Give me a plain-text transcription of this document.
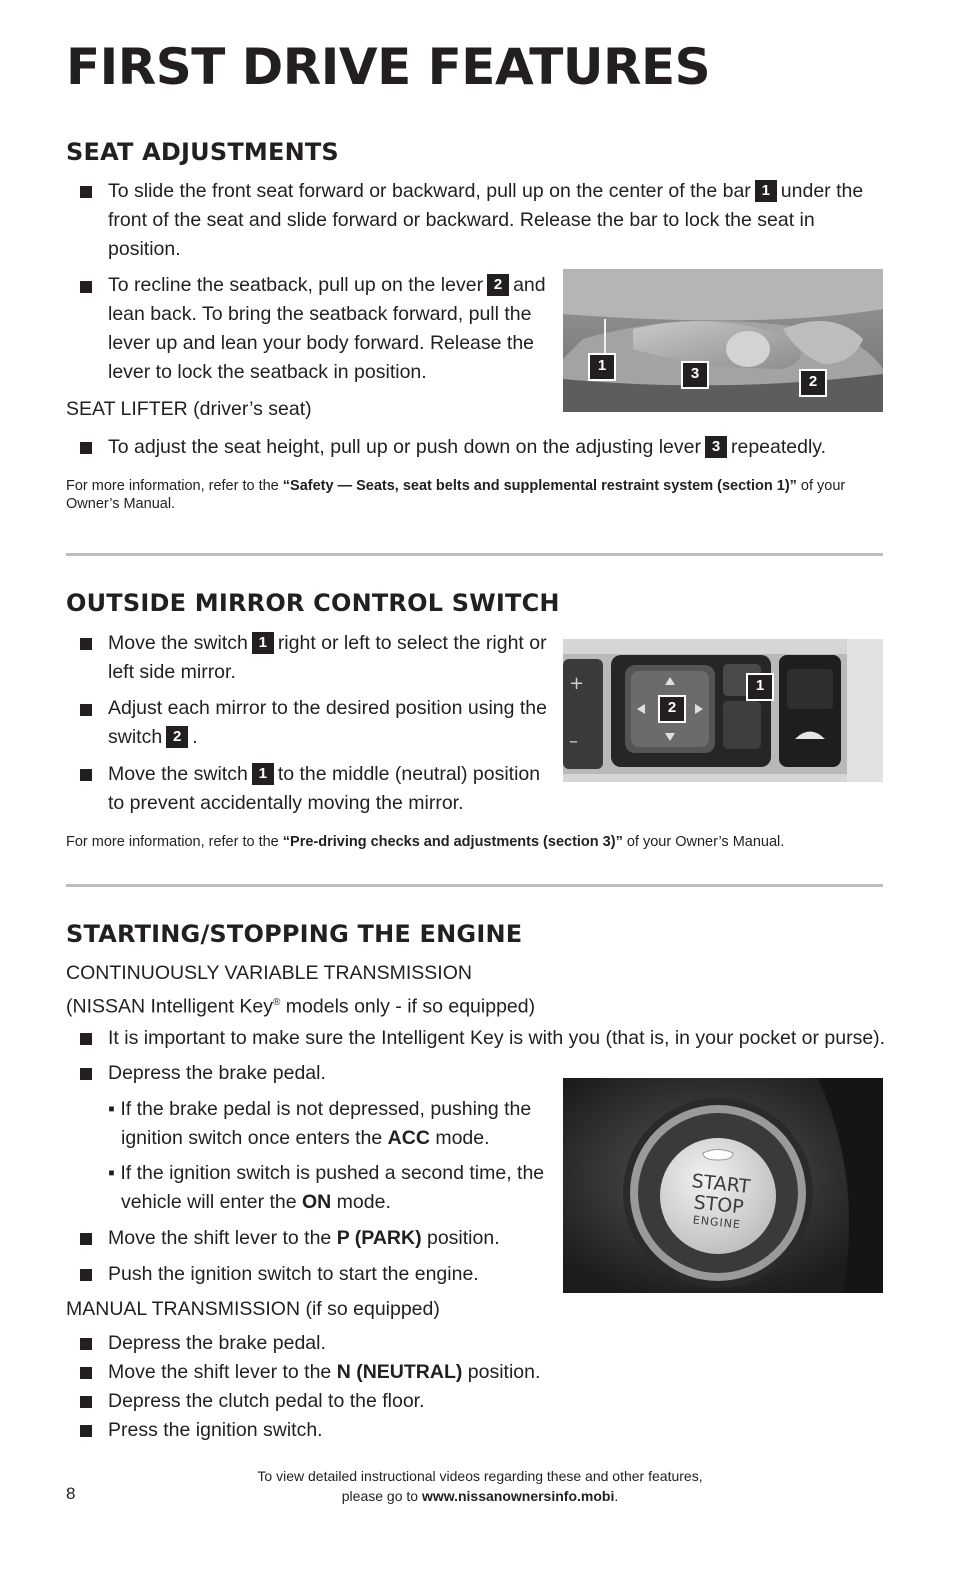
FIRST DRIVE FEATURES
SEAT ADJUSTMENTS

To slide the front seat forward or backward, pull up on the center of the bar 1 under the front of the seat and slide forward or backward. Release the bar to lock the seat in position.

To recline the seatback, pull up on the lever 2 and lean back. To bring the seatback forward, pull the lever up and lean your body forward. Release the lever to lock the seatback in position.	1	3	2

SEAT LIFTER (driver’s seat)

To adjust the seat height, pull up or push down on the adjusting lever 3 repeatedly.

For more information, refer to the “Safety — Seats, seat belts and supplemental restraint system (section 1)” of your Owner’s Manual.

OUTSIDE MIRROR CONTROL SWITCH

Move the switch 1 right or left to select the right or left side mirror.

Adjust each mirror to the desired position using the switch 2 .

Move the switch 1 to the middle (neutral) position to prevent accidentally moving the mirror.

+
–
2
1

For more information, refer to the “Pre-driving checks and adjustments (section 3)” of your Owner’s Manual.

STARTING/STOPPING THE ENGINE

CONTINUOUSLY VARIABLE TRANSMISSION

(NISSAN Intelligent Key® models only - if so equipped)

It is important to make sure the Intelligent Key is with you (that is, in your pocket or purse).

Depress the brake pedal.

▪ If the brake pedal is not depressed, pushing the ignition switch once enters the ACC mode.

▪ If the ignition switch is pushed a second time, the vehicle will enter the ON mode.

Move the shift lever to the P (PARK) position.

Push the ignition switch to start the engine.

START
STOP
ENGINE

MANUAL TRANSMISSION (if so equipped)

Depress the brake pedal.

Move the shift lever to the N (NEUTRAL) position.

Depress the clutch pedal to the floor.

Press the ignition switch.

8
To view detailed instructional videos regarding these and other features,
please go to www.nissanownersinfo.mobi.
